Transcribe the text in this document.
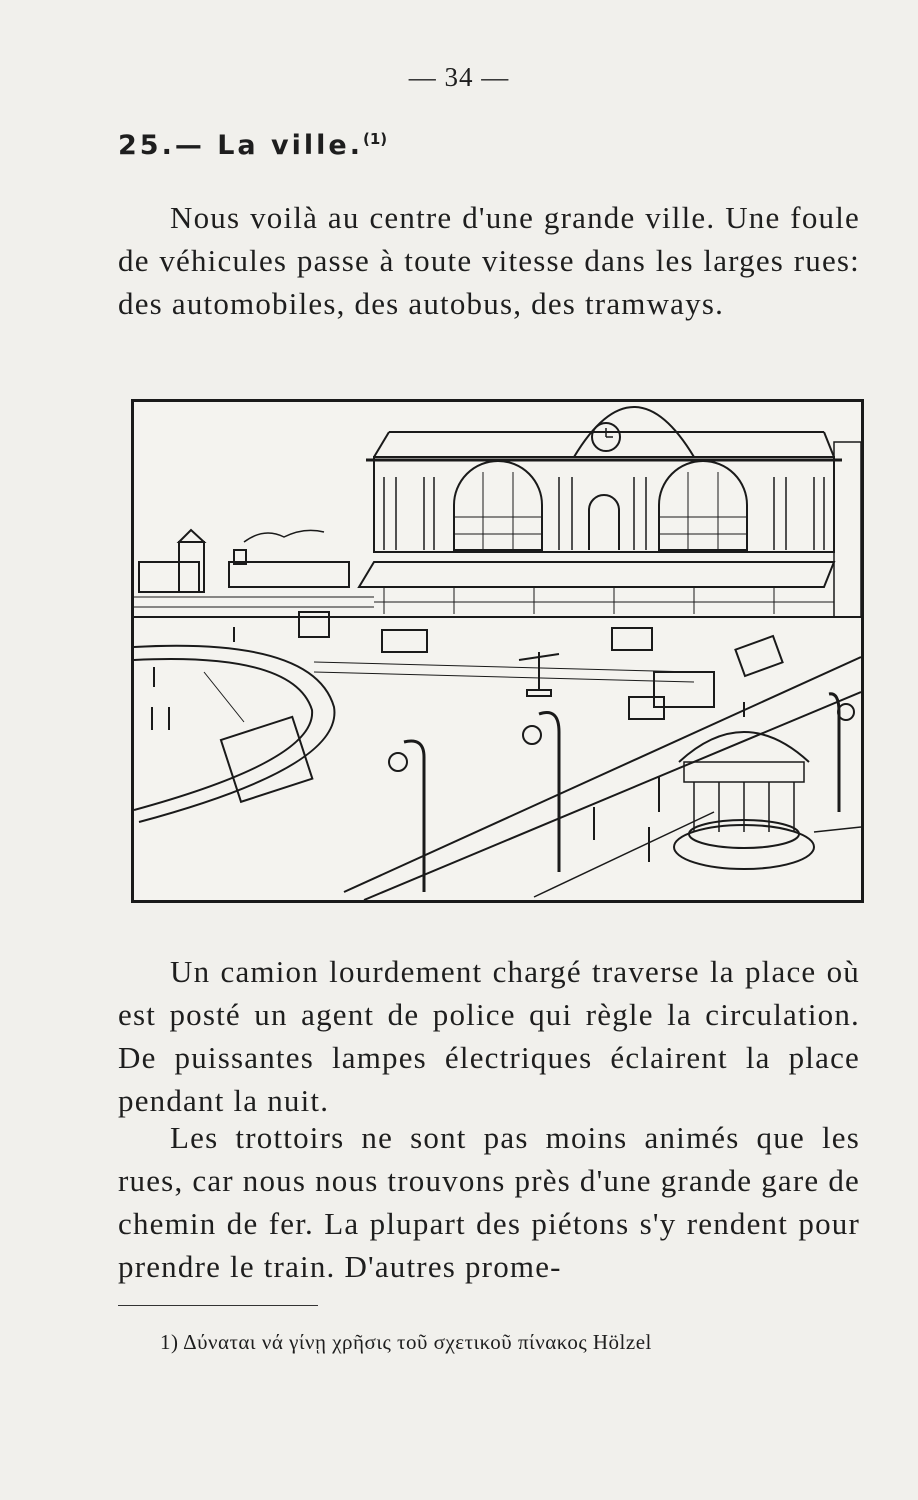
— 34 —
25.— La ville.$^{(1)}$

Nous voilà au centre d'une grande ville. Une foule de véhicules passe à toute vitesse dans les larges rues: des automobiles, des autobus, des tramways.

Un camion lourdement chargé traverse la place où est posté un agent de police qui règle la circulation. De puissantes lampes électriques éclairent la place pendant la nuit.

Les trottoirs ne sont pas moins animés que les rues, car nous nous trouvons près d'une grande gare de chemin de fer. La plupart des piétons s'y rendent pour prendre le train. D'autres prome-

1) Δύναται νά γίνῃ χρῆσις τοῦ σχετικοῦ πίνακος Hölzel
